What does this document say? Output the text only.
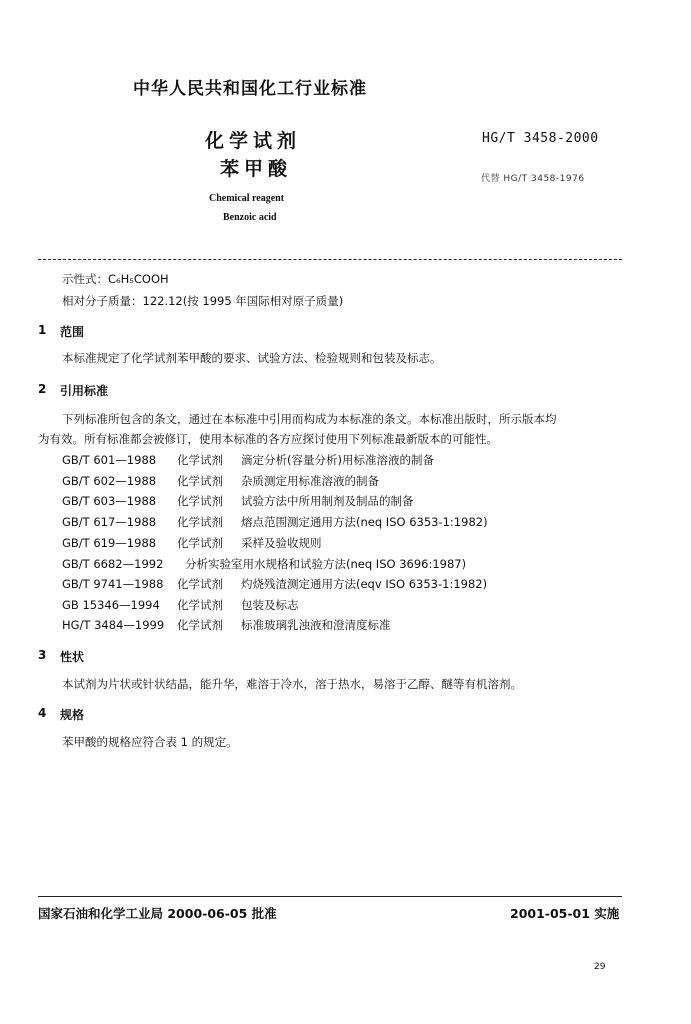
中华人民共和国化工行业标准
化学试剂
苯甲酸
HG/T 3458-2000
代替 HG/T 3458-1976
Chemical reagent
Benzoic acid
示性式：C₆H₅COOH
相对分子质量：122.12(按 1995 年国际相对原子质量)
1 范围
本标准规定了化学试剂苯甲酸的要求、试验方法、检验规则和包装及标志。
2 引用标准
下列标准所包含的条文，通过在本标准中引用而构成为本标准的条文。本标准出版时，所示版本均
为有效。所有标准都会被修订，使用本标准的各方应探讨使用下列标准最新版本的可能性。
GB/T 601—1988 化学试剂 滴定分析(容量分析)用标准溶液的制备
GB/T 602—1988 化学试剂 杂质测定用标准溶液的制备
GB/T 603—1988 化学试剂 试验方法中所用制剂及制品的制备
GB/T 617—1988 化学试剂 熔点范围测定通用方法(neq ISO 6353-1:1982)
GB/T 619—1988 化学试剂 采样及验收规则
GB/T 6682—1992 分析实验室用水规格和试验方法(neq ISO 3696:1987)
GB/T 9741—1988 化学试剂 灼烧残渣测定通用方法(eqv ISO 6353-1:1982)
GB 15346—1994 化学试剂 包装及标志
HG/T 3484—1999 化学试剂 标准玻璃乳浊液和澄清度标准
3 性状
本试剂为片状或针状结晶，能升华，难溶于冷水，溶于热水，易溶于乙醇、醚等有机溶剂。
4 规格
苯甲酸的规格应符合表 1 的规定。
国家石油和化学工业局 2000-06-05 批准	2001-05-01 实施
29
